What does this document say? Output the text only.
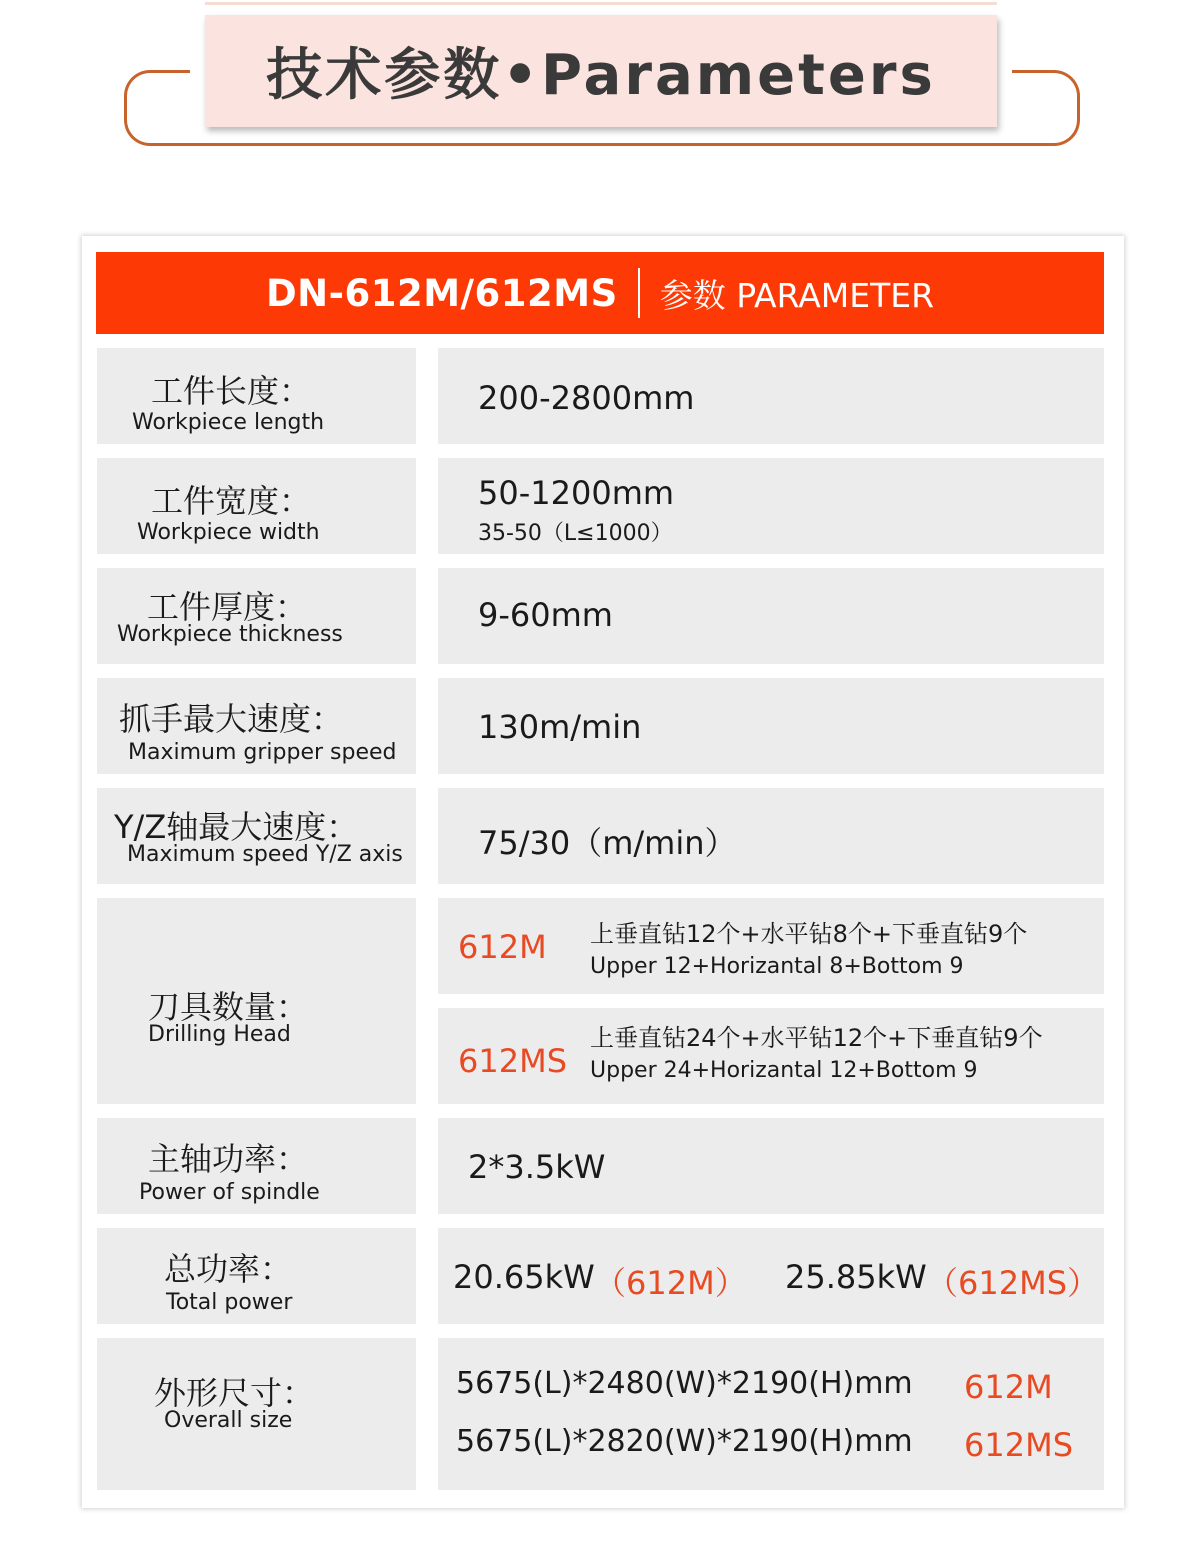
技术参数•Parameters
DN-612M/612MS 参数 PARAMETER
工件长度：
Workpiece length
200-2800mm
工件宽度：
Workpiece width
50-1200mm
35-50（L≤1000）
工件厚度：
Workpiece thickness
9-60mm
抓手最大速度：
Maximum gripper speed
130m/min
Y/Z轴最大速度：
Maximum speed Y/Z axis 75/30（m/min）
刀具数量：
Drilling Head
612M 上垂直钻12个+水平钻8个+下垂直钻9个
Upper 12+Horizantal 8+Bottom 9
612MS
上垂直钻24个+水平钻12个+下垂直钻9个
Upper 24+Horizantal 12+Bottom 9
主轴功率：
Power of spindle
2*3.5kW
总功率：
Total power
20.65kW （612M） 25.85kW （612MS）
外形尺寸：
Overall size
5675(L)*2480(W)*2190(H)mm 612M
5675(L)*2820(W)*2190(H)mm 612MS
